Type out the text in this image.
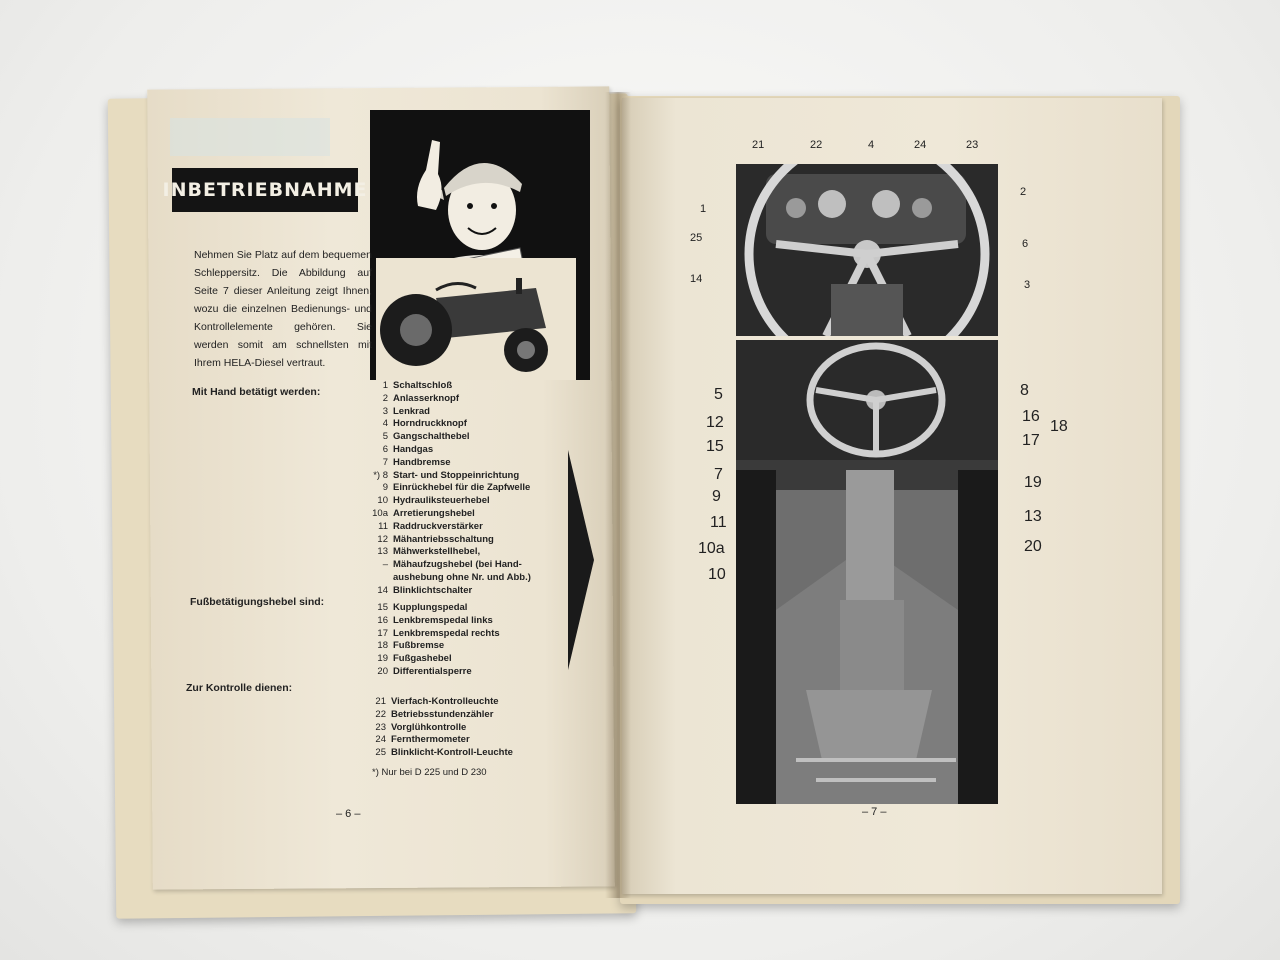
INBETRIEBNAHME
Nehmen Sie Platz auf dem bequemen Schleppersitz. Die Abbildung auf Seite 7 dieser Anleitung zeigt Ihnen, wozu die einzelnen Bedienungs- und Kontrollelemente gehören. Sie werden somit am schnellsten mit Ihrem HELA-Diesel vertraut.
Mit Hand betätigt werden:
1 Schaltschloß
2 Anlasserknopf
3 Lenkrad
4 Horndruckknopf
5 Gangschalthebel
6 Handgas
7 Handbremse
*) 8 Start- und Stoppeinrichtung
9 Einrückhebel für die Zapfwelle
10 Hydrauliksteuerhebel
10a Arretierungshebel
11 Raddruckverstärker
12 Mähantriebsschaltung
13 Mähwerkstellhebel,
– Mähaufzugshebel (bei Hand-
aushebung ohne Nr. und Abb.)
14 Blinklichtschalter
Fußbetätigungshebel sind:	15 Kupplungspedal
16 Lenkbremspedal links
17 Lenkbremspedal rechts
18 Fußbremse
19 Fußgashebel
20 Differentialsperre
Zur Kontrolle dienen:
21 Vierfach-Kontrolleuchte
22 Betriebsstundenzähler
23 Vorglühkontrolle
24 Fernthermometer
25 Blinklicht-Kontroll-Leuchte
*) Nur bei D 225 und D 230
– 6 –
21	22	4	24	23
1
2
25	6
14	3
5	8
12	16
18
15	17
7	19
9
13
11
20
10a
10
– 7 –
